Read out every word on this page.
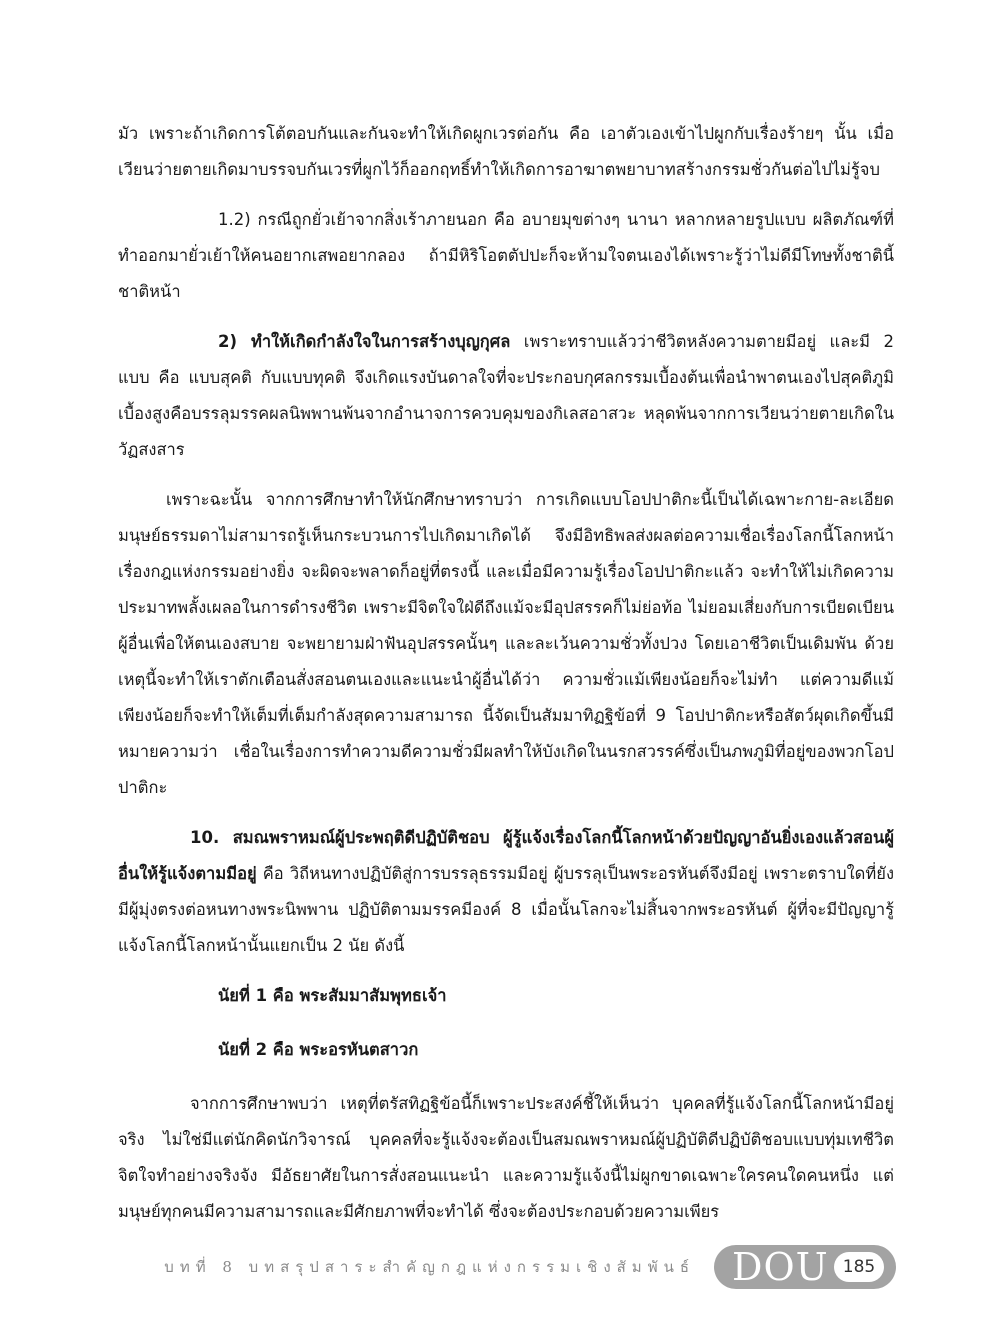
มัว เพราะถ้าเกิดการโต้ตอบกันและกันจะทำให้เกิดผูกเวรต่อกัน คือ เอาตัวเองเข้าไปผูกกับเรื่องร้ายๆ นั้น เมื่อเวียนว่ายตายเกิดมาบรรจบกันเวรที่ผูกไว้ก็ออกฤทธิ์ทำให้เกิดการอาฆาตพยาบาทสร้างกรรมชั่วกันต่อไปไม่รู้จบ

1.2) กรณีถูกยั่วเย้าจากสิ่งเร้าภายนอก คือ อบายมุขต่างๆ นานา หลากหลายรูปแบบ ผลิตภัณฑ์ที่ทำออกมายั่วเย้าให้คนอยากเสพอยากลอง ถ้ามีหิริโอตตัปปะก็จะห้ามใจตนเองได้เพราะรู้ว่าไม่ดีมีโทษทั้งชาตินี้ชาติหน้า

2) ทำให้เกิดกำลังใจในการสร้างบุญกุศล เพราะทราบแล้วว่าชีวิตหลังความตายมีอยู่ และมี 2 แบบ คือ แบบสุคติ กับแบบทุคติ จึงเกิดแรงบันดาลใจที่จะประกอบกุศลกรรมเบื้องต้นเพื่อนำพาตนเองไปสุคติภูมิ เบื้องสูงคือบรรลุมรรคผลนิพพานพ้นจากอำนาจการควบคุมของกิเลสอาสวะ หลุดพ้นจากการเวียนว่ายตายเกิดในวัฏสงสาร

เพราะฉะนั้น จากการศึกษาทำให้นักศึกษาทราบว่า การเกิดแบบโอปปาติกะนี้เป็นได้เฉพาะกาย-ละเอียด มนุษย์ธรรมดาไม่สามารถรู้เห็นกระบวนการไปเกิดมาเกิดได้ จึงมีอิทธิพลส่งผลต่อความเชื่อเรื่องโลกนี้โลกหน้า เรื่องกฎแห่งกรรมอย่างยิ่ง จะผิดจะพลาดก็อยู่ที่ตรงนี้ และเมื่อมีความรู้เรื่องโอปปาติกะแล้ว จะทำให้ไม่เกิดความประมาทพลั้งเผลอในการดำรงชีวิต เพราะมีจิตใจใฝ่ดีถึงแม้จะมีอุปสรรคก็ไม่ย่อท้อ ไม่ยอมเสี่ยงกับการเบียดเบียนผู้อื่นเพื่อให้ตนเองสบาย จะพยายามฝ่าฟันอุปสรรคนั้นๆ และละเว้นความชั่วทั้งปวง โดยเอาชีวิตเป็นเดิมพัน ด้วยเหตุนี้จะทำให้เราตักเตือนสั่งสอนตนเองและแนะนำผู้อื่นได้ว่า ความชั่วแม้เพียงน้อยก็จะไม่ทำ แต่ความดีแม้เพียงน้อยก็จะทำให้เต็มที่เต็มกำลังสุดความสามารถ นี้จัดเป็นสัมมาทิฏฐิข้อที่ 9 โอปปาติกะหรือสัตว์ผุดเกิดขึ้นมี หมายความว่า เชื่อในเรื่องการทำความดีความชั่วมีผลทำให้บังเกิดในนรกสวรรค์ซึ่งเป็นภพภูมิที่อยู่ของพวกโอปปาติกะ

10. สมณพราหมณ์ผู้ประพฤติดีปฏิบัติชอบ ผู้รู้แจ้งเรื่องโลกนี้โลกหน้าด้วยปัญญาอันยิ่งเองแล้วสอนผู้อื่นให้รู้แจ้งตามมีอยู่ คือ วิถีหนทางปฏิบัติสู่การบรรลุธรรมมีอยู่ ผู้บรรลุเป็นพระอรหันต์จึงมีอยู่ เพราะตราบใดที่ยังมีผู้มุ่งตรงต่อหนทางพระนิพพาน ปฏิบัติตามมรรคมีองค์ 8 เมื่อนั้นโลกจะไม่สิ้นจากพระอรหันต์ ผู้ที่จะมีปัญญารู้แจ้งโลกนี้โลกหน้านั้นแยกเป็น 2 นัย ดังนี้

นัยที่ 1 คือ พระสัมมาสัมพุทธเจ้า

นัยที่ 2 คือ พระอรหันตสาวก

จากการศึกษาพบว่า เหตุที่ตรัสทิฏฐิข้อนี้ก็เพราะประสงค์ชี้ให้เห็นว่า บุคคลที่รู้แจ้งโลกนี้โลกหน้ามีอยู่จริง ไม่ใช่มีแต่นักคิดนักวิจารณ์ บุคคลที่จะรู้แจ้งจะต้องเป็นสมณพราหมณ์ผู้ปฏิบัติดีปฏิบัติชอบแบบทุ่มเทชีวิตจิตใจทำอย่างจริงจัง มีอัธยาศัยในการสั่งสอนแนะนำ และความรู้แจ้งนี้ไม่ผูกขาดเฉพาะใครคนใดคนหนึ่ง แต่มนุษย์ทุกคนมีความสามารถและมีศักยภาพที่จะทำได้ ซึ่งจะต้องประกอบด้วยความเพียร

บทที่ 8 บทสรุปสาระสำคัญกฎแห่งกรรมเชิงสัมพันธ์ DOU 185
